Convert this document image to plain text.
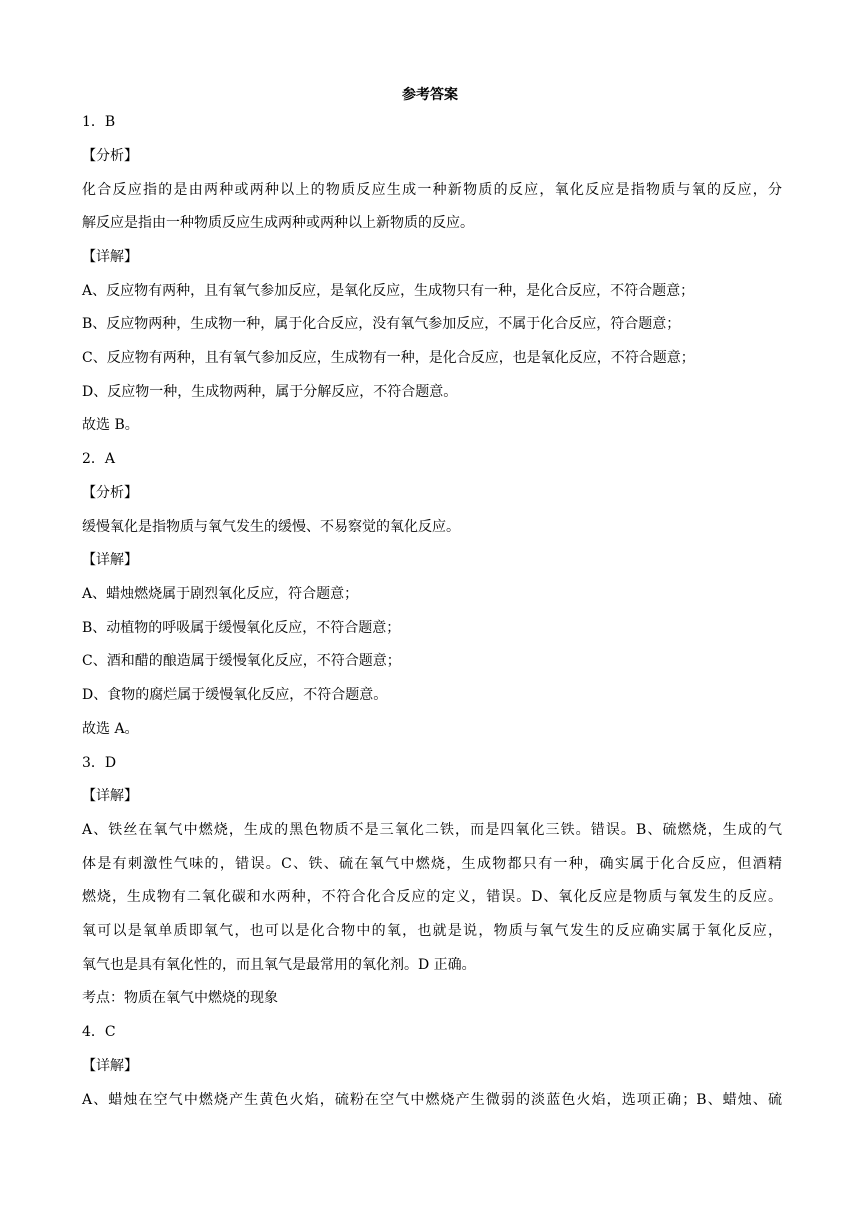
参考答案
1．B
【分析】
化合反应指的是由两种或两种以上的物质反应生成一种新物质的反应，氧化反应是指物质与氧的反应，分
解反应是指由一种物质反应生成两种或两种以上新物质的反应。
【详解】
A、反应物有两种，且有氧气参加反应，是氧化反应，生成物只有一种，是化合反应，不符合题意；
B、反应物两种，生成物一种，属于化合反应，没有氧气参加反应，不属于化合反应，符合题意；
C、反应物有两种，且有氧气参加反应，生成物有一种，是化合反应，也是氧化反应，不符合题意；
D、反应物一种，生成物两种，属于分解反应，不符合题意。
故选 B。
2．A
【分析】
缓慢氧化是指物质与氧气发生的缓慢、不易察觉的氧化反应。
【详解】
A、蜡烛燃烧属于剧烈氧化反应，符合题意；
B、动植物的呼吸属于缓慢氧化反应，不符合题意；
C、酒和醋的酿造属于缓慢氧化反应，不符合题意；
D、食物的腐烂属于缓慢氧化反应，不符合题意。
故选 A。
3．D
【详解】
A、铁丝在氧气中燃烧，生成的黑色物质不是三氧化二铁，而是四氧化三铁。错误。B、硫燃烧，生成的气
体是有刺激性气味的，错误。C、铁、硫在氧气中燃烧，生成物都只有一种，确实属于化合反应，但酒精
燃烧，生成物有二氧化碳和水两种，不符合化合反应的定义，错误。D、氧化反应是物质与氧发生的反应。
氧可以是氧单质即氧气，也可以是化合物中的氧，也就是说，物质与氧气发生的反应确实属于氧化反应，
氧气也是具有氧化性的，而且氧气是最常用的氧化剂。D 正确。
考点：物质在氧气中燃烧的现象
4．C
【详解】
A、蜡烛在空气中燃烧产生黄色火焰，硫粉在空气中燃烧产生微弱的淡蓝色火焰，选项正确；B、蜡烛、硫
